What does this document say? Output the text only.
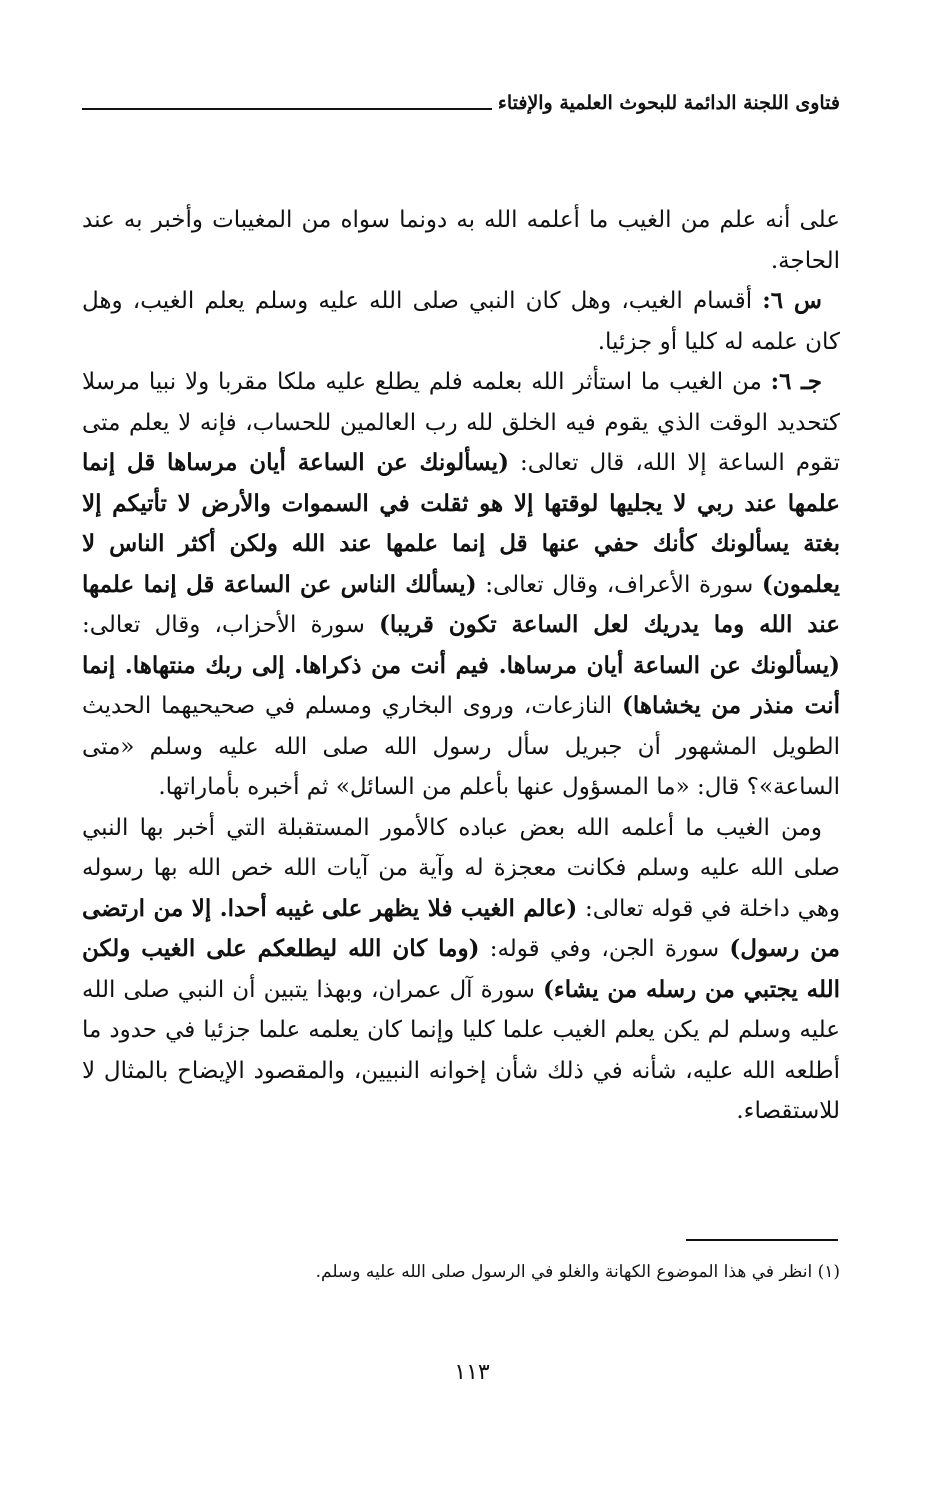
فتاوى اللجنة الدائمة للبحوث العلمية والإفتاء

على أنه علم من الغيب ما أعلمه الله به دونما سواه من المغيبات وأخبر به عند الحاجة.

س ٦: أقسام الغيب، وهل كان النبي صلى الله عليه وسلم يعلم الغيب، وهل كان علمه له كليا أو جزئيا.

جـ ٦: من الغيب ما استأثر الله بعلمه فلم يطلع عليه ملكا مقربا ولا نبيا مرسلا كتحديد الوقت الذي يقوم فيه الخلق لله رب العالمين للحساب، فإنه لا يعلم متى تقوم الساعة إلا الله، قال تعالى: (يسألونك عن الساعة أيان مرساها قل إنما علمها عند ربي لا يجليها لوقتها إلا هو ثقلت في السموات والأرض لا تأتيكم إلا بغتة يسألونك كأنك حفي عنها قل إنما علمها عند الله ولكن أكثر الناس لا يعلمون) سورة الأعراف، وقال تعالى: (يسألك الناس عن الساعة قل إنما علمها عند الله وما يدريك لعل الساعة تكون قريبا) سورة الأحزاب، وقال تعالى: (يسألونك عن الساعة أيان مرساها. فيم أنت من ذكراها. إلى ربك منتهاها. إنما أنت منذر من يخشاها) النازعات، وروى البخاري ومسلم في صحيحيهما الحديث الطويل المشهور أن جبريل سأل رسول الله صلى الله عليه وسلم «متى الساعة»؟ قال: «ما المسؤول عنها بأعلم من السائل» ثم أخبره بأماراتها.

ومن الغيب ما أعلمه الله بعض عباده كالأمور المستقبلة التي أخبر بها النبي صلى الله عليه وسلم فكانت معجزة له وآية من آيات الله خص الله بها رسوله وهي داخلة في قوله تعالى: (عالم الغيب فلا يظهر على غيبه أحدا. إلا من ارتضى من رسول) سورة الجن، وفي قوله: (وما كان الله ليطلعكم على الغيب ولكن الله يجتبي من رسله من يشاء) سورة آل عمران، وبهذا يتبين أن النبي صلى الله عليه وسلم لم يكن يعلم الغيب علما كليا وإنما كان يعلمه علما جزئيا في حدود ما أطلعه الله عليه، شأنه في ذلك شأن إخوانه النبيين، والمقصود الإيضاح بالمثال لا للاستقصاء.

(١) انظر في هذا الموضوع الكهانة والغلو في الرسول صلى الله عليه وسلم.
١١٣
